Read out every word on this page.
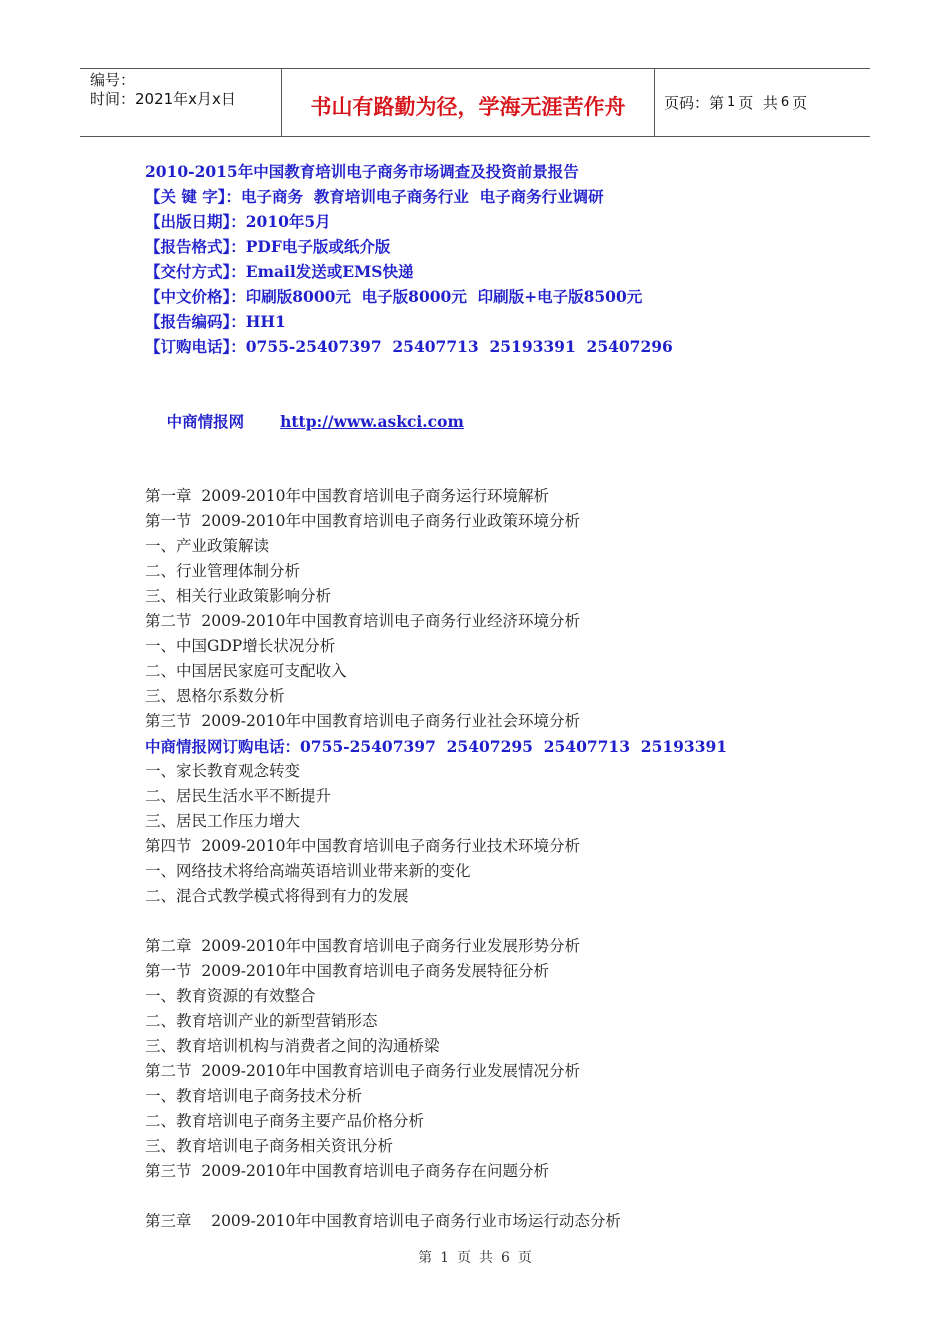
编号：
时间：2021年x月x日	书山有路勤为径，学海无涯苦作舟	页码：第 1 页  共 6 页
2010-2015年中国教育培训电子商务市场调查及投资前景报告
【关 键 字】：电子商务  教育培训电子商务行业  电子商务行业调研
【出版日期】：2010年5月
【报告格式】：PDF电子版或纸介版
【交付方式】：Email发送或EMS快递
【中文价格】：印刷版8000元  电子版8000元  印刷版+电子版8500元
【报告编码】：HH1
【订购电话】：0755-25407397  25407713  25193391  25407296

中商情报网 http://www.askci.com

第一章  2009-2010年中国教育培训电子商务运行环境解析
第一节  2009-2010年中国教育培训电子商务行业政策环境分析
一、产业政策解读
二、行业管理体制分析
三、相关行业政策影响分析
第二节  2009-2010年中国教育培训电子商务行业经济环境分析
一、中国GDP增长状况分析
二、中国居民家庭可支配收入
三、恩格尔系数分析
第三节  2009-2010年中国教育培训电子商务行业社会环境分析
中商情报网订购电话：0755-25407397  25407295  25407713  25193391
一、家长教育观念转变
二、居民生活水平不断提升
三、居民工作压力增大
第四节  2009-2010年中国教育培训电子商务行业技术环境分析
一、网络技术将给高端英语培训业带来新的变化
二、混合式教学模式将得到有力的发展
第二章  2009-2010年中国教育培训电子商务行业发展形势分析
第一节  2009-2010年中国教育培训电子商务发展特征分析
一、教育资源的有效整合
二、教育培训产业的新型营销形态
三、教育培训机构与消费者之间的沟通桥梁
第二节  2009-2010年中国教育培训电子商务行业发展情况分析
一、教育培训电子商务技术分析
二、教育培训电子商务主要产品价格分析
三、教育培训电子商务相关资讯分析
第三节  2009-2010年中国教育培训电子商务存在问题分析
第三章    2009-2010年中国教育培训电子商务行业市场运行动态分析
第 1 页 共 6 页
